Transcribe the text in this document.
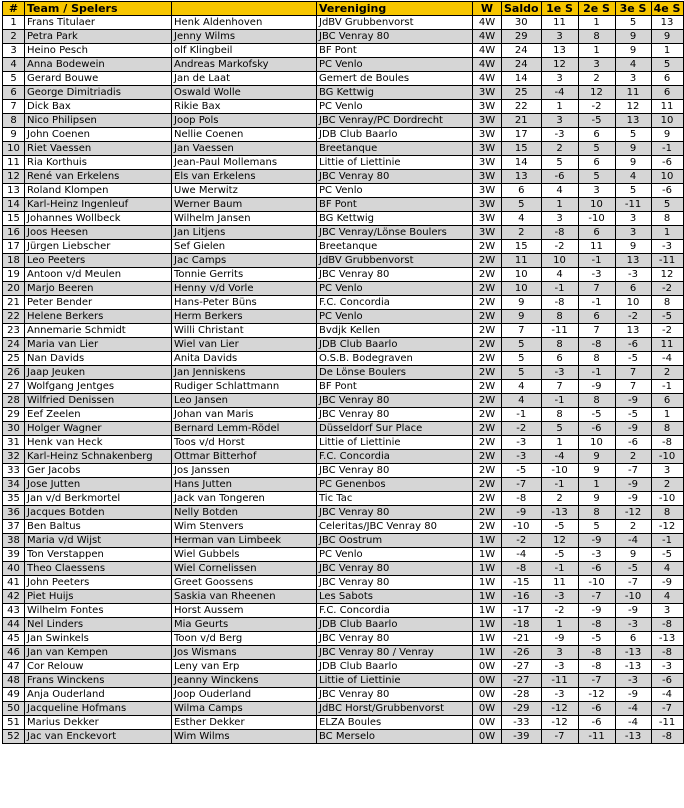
#	Team / Spelers		Vereniging	W	Saldo	1e S	2e S	3e S	4e S
1	Frans Titulaer	Henk Aldenhoven	JdBV Grubbenvorst	4W	30	11	1	5	13
2	Petra Park	Jenny Wilms	JBC Venray 80	4W	29	3	8	9	9
3	Heino Pesch	olf Klingbeil	BF Pont	4W	24	13	1	9	1
4	Anna Bodewein	Andreas Markofsky	PC Venlo	4W	24	12	3	4	5
5	Gerard Bouwe	Jan de Laat	Gemert de Boules	4W	14	3	2	3	6
6	George Dimitriadis	Oswald Wolle	BG Kettwig	3W	25	-4	12	11	6
7	Dick Bax	Rikie Bax	PC Venlo	3W	22	1	-2	12	11
8	Nico Philipsen	Joop Pols	JBC Venray/PC Dordrecht	3W	21	3	-5	13	10
9	John Coenen	Nellie Coenen	JDB Club Baarlo	3W	17	-3	6	5	9
10	Riet Vaessen	Jan Vaessen	Breetanque	3W	15	2	5	9	-1
11	Ria Korthuis	Jean-Paul Mollemans	Littie of Liettinie	3W	14	5	6	9	-6
12	René van Erkelens	Els van Erkelens	JBC Venray 80	3W	13	-6	5	4	10
13	Roland Klompen	Uwe Merwitz	PC Venlo	3W	6	4	3	5	-6
14	Karl-Heinz Ingenleuf	Werner Baum	BF Pont	3W	5	1	10	-11	5
15	Johannes Wollbeck	Wilhelm Jansen	BG Kettwig	3W	4	3	-10	3	8
16	Joos Heesen	Jan Litjens	JBC Venray/Lönse Boulers	3W	2	-8	6	3	1
17	Jürgen Liebscher	Sef Gielen	Breetanque	2W	15	-2	11	9	-3
18	Leo Peeters	Jac Camps	JdBV Grubbenvorst	2W	11	10	-1	13	-11
19	Antoon v/d Meulen	Tonnie Gerrits	JBC Venray 80	2W	10	4	-3	-3	12
20	Marjo Beeren	Henny v/d Vorle	PC Venlo	2W	10	-1	7	6	-2
21	Peter Bender	Hans-Peter Büns	F.C. Concordia	2W	9	-8	-1	10	8
22	Helene Berkers	Herm Berkers	PC Venlo	2W	9	8	6	-2	-5
23	Annemarie Schmidt	Willi Christant	Bvdjk Kellen	2W	7	-11	7	13	-2
24	Maria van Lier	Wiel van Lier	JDB Club Baarlo	2W	5	8	-8	-6	11
25	Nan Davids	Anita Davids	O.S.B. Bodegraven	2W	5	6	8	-5	-4
26	Jaap Jeuken	Jan Jenniskens	De Lönse Boulers	2W	5	-3	-1	7	2
27	Wolfgang Jentges	Rudiger Schlattmann	BF Pont	2W	4	7	-9	7	-1
28	Wilfried Denissen	Leo Jansen	JBC Venray 80	2W	4	-1	8	-9	6
29	Eef Zeelen	Johan van Maris	JBC Venray 80	2W	-1	8	-5	-5	1
30	Holger Wagner	Bernard Lemm-Rödel	Düsseldorf Sur Place	2W	-2	5	-6	-9	8
31	Henk van Heck	Toos v/d Horst	Littie of Liettinie	2W	-3	1	10	-6	-8
32	Karl-Heinz Schnakenberg	Ottmar Bitterhof	F.C. Concordia	2W	-3	-4	9	2	-10
33	Ger Jacobs	Jos Janssen	JBC Venray 80	2W	-5	-10	9	-7	3
34	Jose Jutten	Hans Jutten	PC Genenbos	2W	-7	-1	1	-9	2
35	Jan v/d Berkmortel	Jack van Tongeren	Tic Tac	2W	-8	2	9	-9	-10
36	Jacques Botden	Nelly Botden	JBC Venray 80	2W	-9	-13	8	-12	8
37	Ben Baltus	Wim Stenvers	Celeritas/JBC Venray 80	2W	-10	-5	5	2	-12
38	Maria v/d Wijst	Herman van Limbeek	JBC Oostrum	1W	-2	12	-9	-4	-1
39	Ton Verstappen	Wiel Gubbels	PC Venlo	1W	-4	-5	-3	9	-5
40	Theo Claessens	Wiel Cornelissen	JBC Venray 80	1W	-8	-1	-6	-5	4
41	John Peeters	Greet Goossens	JBC Venray 80	1W	-15	11	-10	-7	-9
42	Piet Huijs	Saskia van Rheenen	Les Sabots	1W	-16	-3	-7	-10	4
43	Wilhelm Fontes	Horst Aussem	F.C. Concordia	1W	-17	-2	-9	-9	3
44	Nel Linders	Mia Geurts	JDB Club Baarlo	1W	-18	1	-8	-3	-8
45	Jan Swinkels	Toon v/d Berg	JBC Venray 80	1W	-21	-9	-5	6	-13
46	Jan van Kempen	Jos Wismans	JBC Venray 80 / Venray	1W	-26	3	-8	-13	-8
47	Cor Relouw	Leny van Erp	JDB Club Baarlo	0W	-27	-3	-8	-13	-3
48	Frans Winckens	Jeanny Winckens	Littie of Liettinie	0W	-27	-11	-7	-3	-6
49	Anja Ouderland	Joop Ouderland	JBC Venray 80	0W	-28	-3	-12	-9	-4
50	Jacqueline Hofmans	Wilma Camps	JdBC Horst/Grubbenvorst	0W	-29	-12	-6	-4	-7
51	Marius Dekker	Esther Dekker	ELZA Boules	0W	-33	-12	-6	-4	-11
52	Jac van Enckevort	Wim Wilms	BC Merselo	0W	-39	-7	-11	-13	-8
